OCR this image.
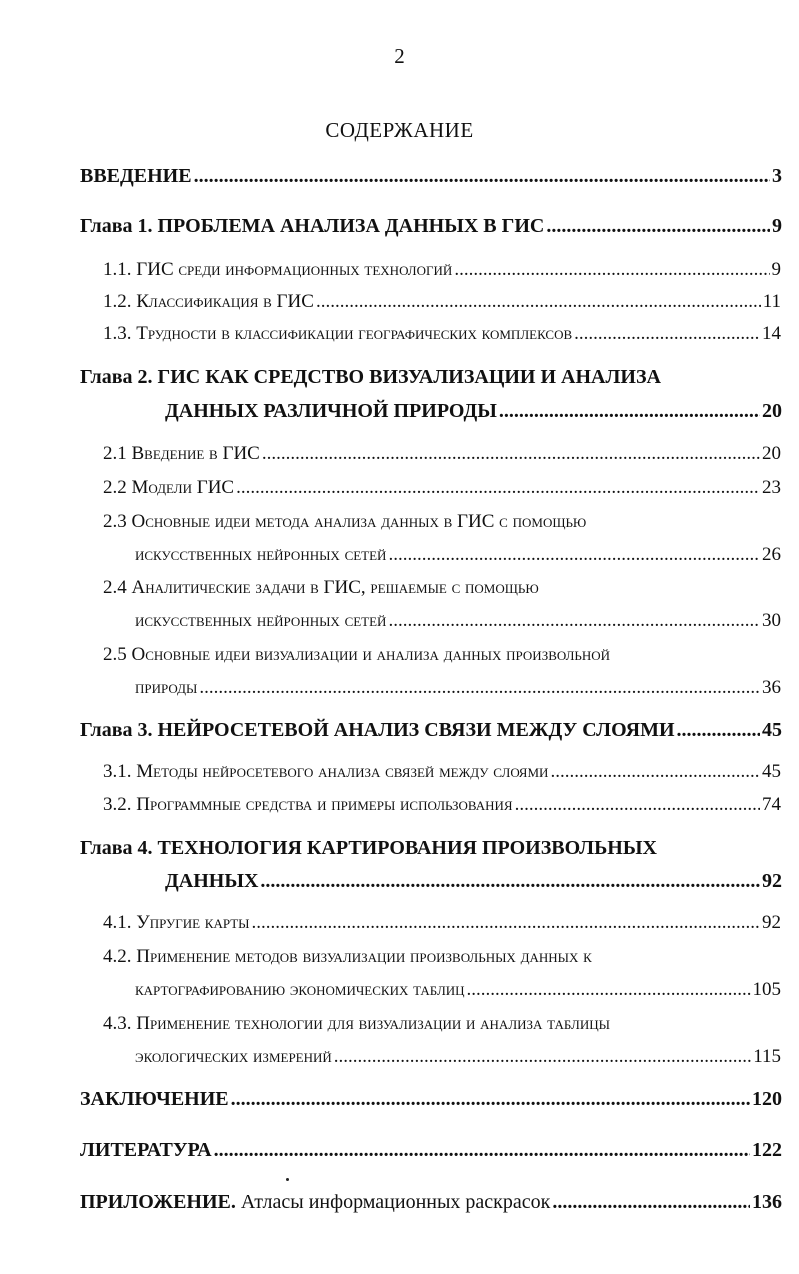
2
СОДЕРЖАНИЕ
ВВЕДЕНИЕ .....	3
Глава 1. ПРОБЛЕМА АНАЛИЗА ДАННЫХ В ГИС .....	9
1.1. ГИС среди информационных технологий .....	9
1.2. Классификация в ГИС .....	11
1.3. Трудности в классификации географических комплексов .....	14
Глава 2. ГИС КАК СРЕДСТВО ВИЗУАЛИЗАЦИИ И АНАЛИЗА
ДАННЫХ РАЗЛИЧНОЙ ПРИРОДЫ .....	20
2.1 Введение в ГИС .....	20
2.2 Модели ГИС .....	23
2.3 Основные идеи метода анализа данных в ГИС с помощью
искусственных нейронных сетей .....	26
2.4 Аналитические задачи в ГИС, решаемые с помощью
искусственных нейронных сетей .....	30
2.5 Основные идеи визуализации и анализа данных произвольной
природы .....	36
Глава 3. НЕЙРОСЕТЕВОЙ АНАЛИЗ СВЯЗИ МЕЖДУ СЛОЯМИ .....	45
3.1. Методы нейросетевого анализа связей между слоями .....	45
3.2. Программные средства и примеры использования .....	74
Глава 4. ТЕХНОЛОГИЯ КАРТИРОВАНИЯ ПРОИЗВОЛЬНЫХ
ДАННЫХ .....	92
4.1. Упругие карты .....	92
4.2. Применение методов визуализации произвольных данных к
картографированию экономических таблиц .....	105
4.3. Применение технологии для визуализации и анализа таблицы
экологических измерений .....	115
ЗАКЛЮЧЕНИЕ .....	120
ЛИТЕРАТУРА .....	122
ПРИЛОЖЕНИЕ. Атласы информационных раскрасок .....	136
